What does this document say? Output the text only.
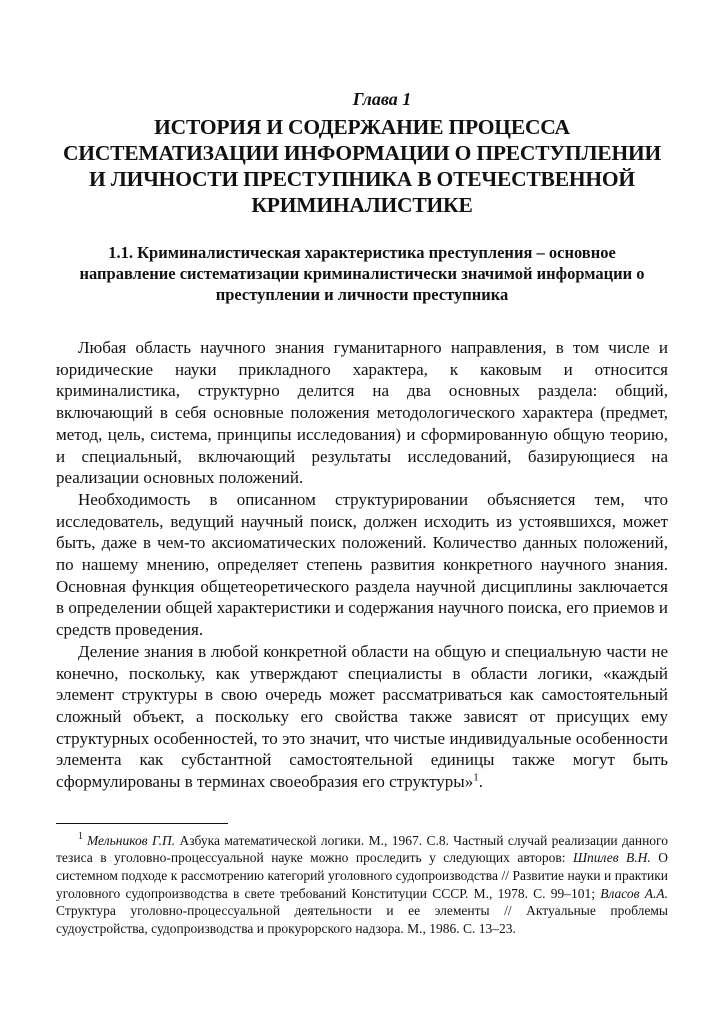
Глава 1
ИСТОРИЯ И СОДЕРЖАНИЕ ПРОЦЕССА СИСТЕМАТИЗАЦИИ ИНФОРМАЦИИ О ПРЕСТУПЛЕНИИ И ЛИЧНОСТИ ПРЕСТУПНИКА В ОТЕЧЕСТВЕННОЙ КРИМИНАЛИСТИКЕ
1.1. Криминалистическая характеристика преступления – основное направление систематизации криминалистически значимой информации о преступлении и личности преступника

Любая область научного знания гуманитарного направления, в том числе и юридические науки прикладного характера, к каковым и относится криминалистика, структурно делится на два основных раздела: общий, включающий в себя основные положения методологического характера (предмет, метод, цель, система, принципы исследования) и сформированную общую теорию, и специальный, включающий результаты исследований, базирующиеся на реализации основных положений.

Необходимость в описанном структурировании объясняется тем, что исследователь, ведущий научный поиск, должен исходить из устоявшихся, может быть, даже в чем-то аксиоматических положений. Количество данных положений, по нашему мнению, определяет степень развития конкретного научного знания. Основная функция общетеоретического раздела научной дисциплины заключается в определении общей характеристики и содержания научного поиска, его приемов и средств проведения.

Деление знания в любой конкретной области на общую и специальную части не конечно, поскольку, как утверждают специалисты в области логики, «каждый элемент структуры в свою очередь может рассматриваться как самостоятельный сложный объект, а поскольку его свойства также зависят от присущих ему структурных особенностей, то это значит, что чистые индивидуальные особенности элемента как субстантной самостоятельной единицы также могут быть сформулированы в терминах своеобразия его структуры»$^1$.

$^1$ Мельников Г.П. Азбука математической логики. М., 1967. С.8. Частный случай реализации данного тезиса в уголовно-процессуальной науке можно проследить у следующих авторов: Шпилев В.Н. О системном подходе к рассмотрению категорий уголовного судопроизводства // Развитие науки и практики уголовного судопроизводства в свете требований Конституции СССР. М., 1978. С. 99–101; Власов А.А. Структура уголовно-процессуальной деятельности и ее элементы // Актуальные проблемы судоустройства, судопроизводства и прокурорского надзора. М., 1986. С. 13–23.
